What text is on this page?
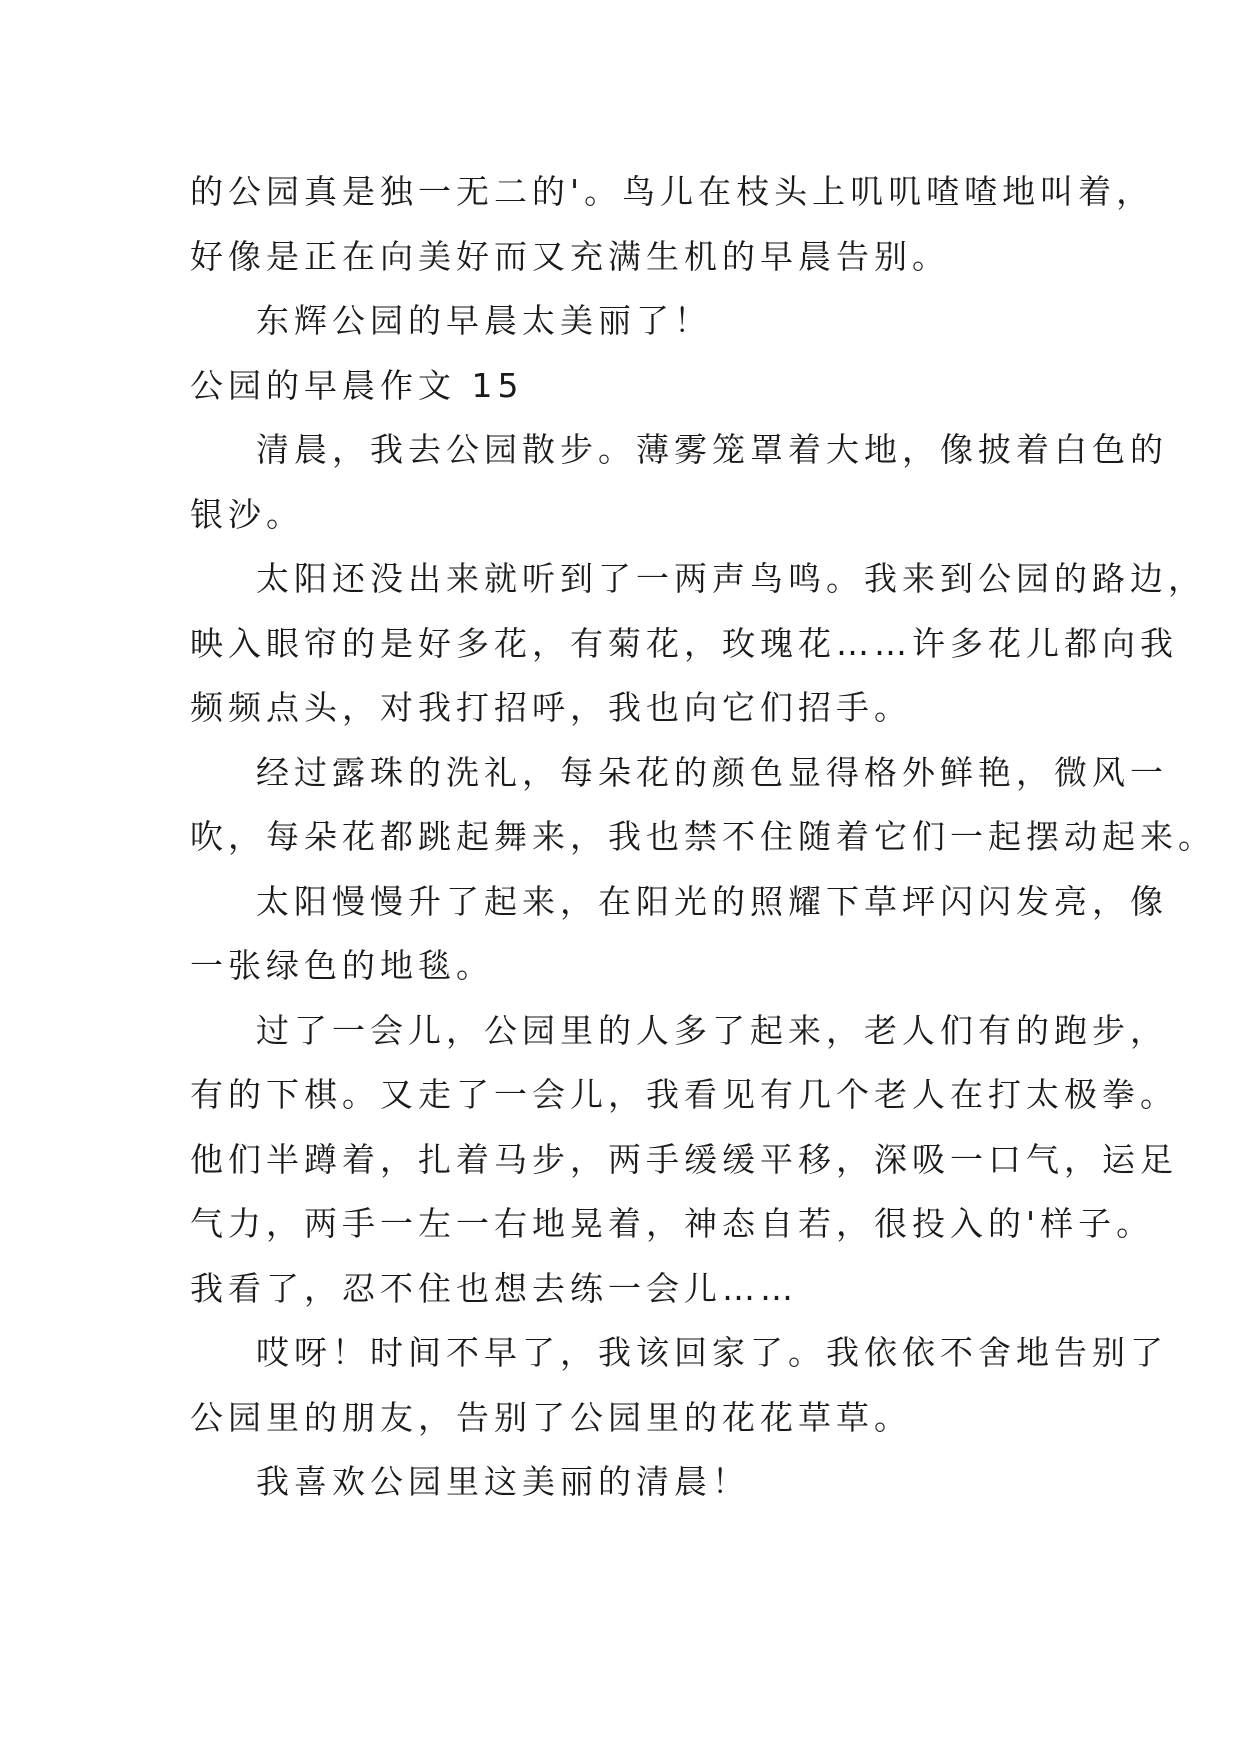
的公园真是独一无二的'。鸟儿在枝头上叽叽喳喳地叫着，
好像是正在向美好而又充满生机的早晨告别。
东辉公园的早晨太美丽了！
公园的早晨作文 15
清晨，我去公园散步。薄雾笼罩着大地，像披着白色的
银沙。
太阳还没出来就听到了一两声鸟鸣。我来到公园的路边，
映入眼帘的是好多花，有菊花，玫瑰花……许多花儿都向我
频频点头，对我打招呼，我也向它们招手。
经过露珠的洗礼，每朵花的颜色显得格外鲜艳，微风一
吹，每朵花都跳起舞来，我也禁不住随着它们一起摆动起来。
太阳慢慢升了起来，在阳光的照耀下草坪闪闪发亮，像
一张绿色的地毯。
过了一会儿，公园里的人多了起来，老人们有的跑步，
有的下棋。又走了一会儿，我看见有几个老人在打太极拳。
他们半蹲着，扎着马步，两手缓缓平移，深吸一口气，运足
气力，两手一左一右地晃着，神态自若，很投入的'样子。
我看了，忍不住也想去练一会儿……
哎呀！时间不早了，我该回家了。我依依不舍地告别了
公园里的朋友，告别了公园里的花花草草。
我喜欢公园里这美丽的清晨！
